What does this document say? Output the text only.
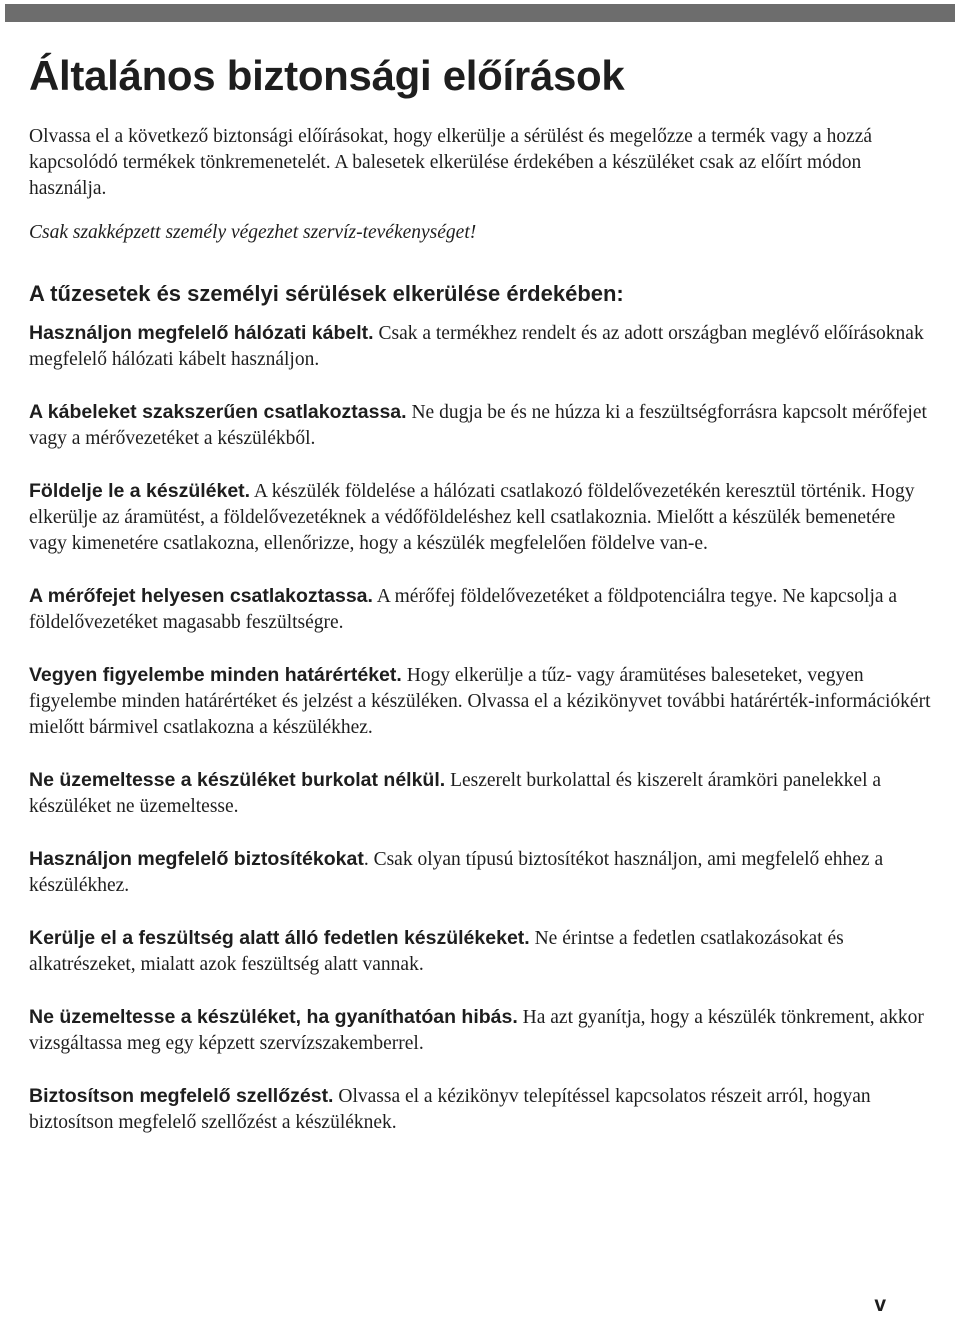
Általános biztonsági előírások

Olvassa el a következő biztonsági előírásokat, hogy elkerülje a sérülést és megelőzze a termék vagy a hozzá kapcsolódó termékek tönkremenetelét. A balesetek elkerülése érdekében a készüléket csak az előírt módon használja.

Csak szakképzett személy végezhet szervíz-tevékenységet!

A tűzesetek és személyi sérülések elkerülése érdekében:

Használjon megfelelő hálózati kábelt. Csak a termékhez rendelt és az adott országban meglévő előírásoknak megfelelő hálózati kábelt használjon.

A kábeleket szakszerűen csatlakoztassa. Ne dugja be és ne húzza ki a feszültségforrásra kapcsolt mérőfejet vagy a mérővezetéket a készülékből.

Földelje le a készüléket. A készülék földelése a hálózati csatlakozó földelővezetékén keresztül történik. Hogy elkerülje az áramütést, a földelővezetéknek a védőföldeléshez kell csatlakoznia. Mielőtt a készülék bemenetére vagy kimenetére csatlakozna, ellenőrizze, hogy a készülék megfelelően földelve van-e.

A mérőfejet helyesen csatlakoztassa. A mérőfej földelővezetéket a földpotenciálra tegye. Ne kapcsolja a földelővezetéket magasabb feszültségre.

Vegyen figyelembe minden határértéket. Hogy elkerülje a tűz- vagy áramütéses baleseteket, vegyen figyelembe minden határértéket és jelzést a készüléken. Olvassa el a kézikönyvet további határérték-információkért mielőtt bármivel csatlakozna a készülékhez.

Ne üzemeltesse a készüléket burkolat nélkül. Leszerelt burkolattal és kiszerelt áramköri panelekkel a készüléket ne üzemeltesse.

Használjon megfelelő biztosítékokat. Csak olyan típusú biztosítékot használjon, ami megfelelő ehhez a készülékhez.

Kerülje el a feszültség alatt álló fedetlen készülékeket. Ne érintse a fedetlen csatlakozásokat és alkatrészeket, mialatt azok feszültség alatt vannak.

Ne üzemeltesse a készüléket, ha gyaníthatóan hibás. Ha azt gyanítja, hogy a készülék tönkrement, akkor vizsgáltassa meg egy képzett szervízszakemberrel.

Biztosítson megfelelő szellőzést. Olvassa el a kézikönyv telepítéssel kapcsolatos részeit arról, hogyan biztosítson megfelelő szellőzést a készüléknek.

v
